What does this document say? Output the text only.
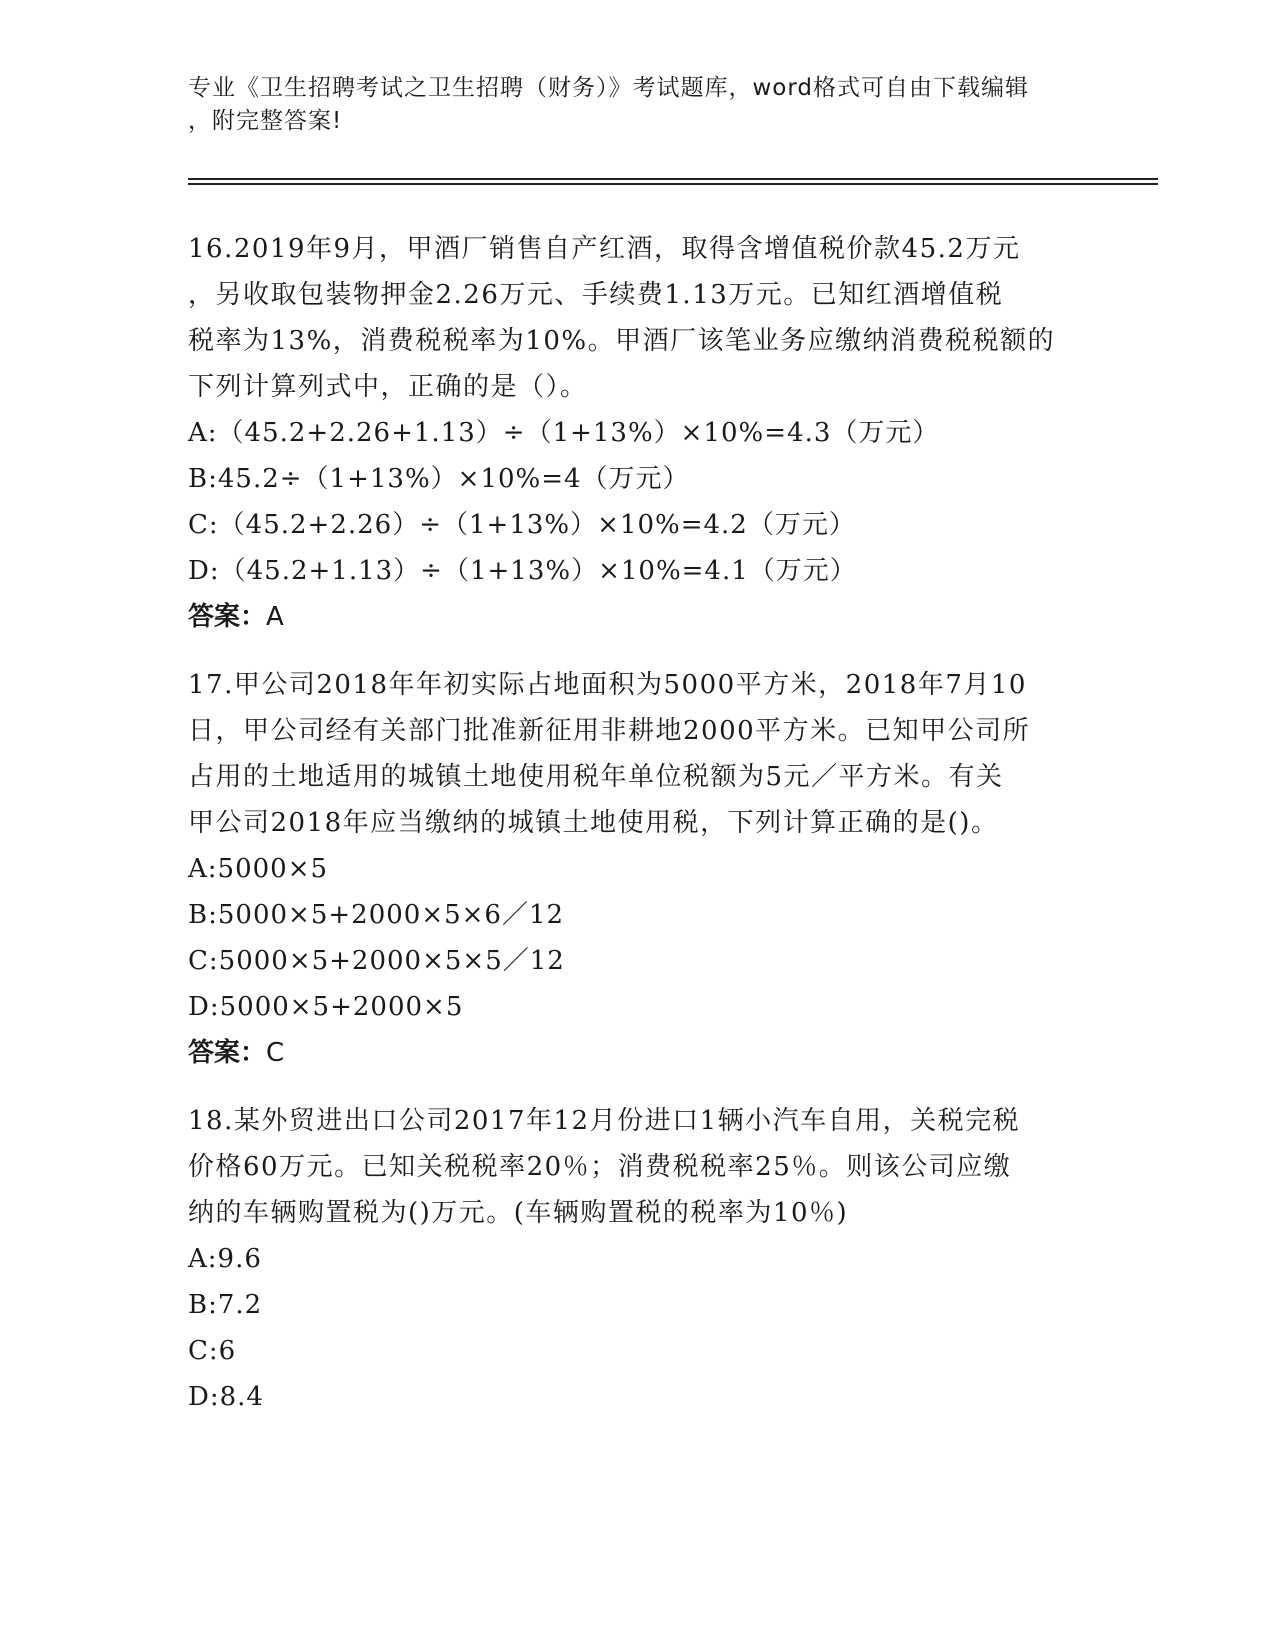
专业《卫生招聘考试之卫生招聘（财务）》考试题库，word格式可自由下载编辑
，附完整答案!
16.2019年9月，甲酒厂销售自产红酒，取得含增值税价款45.2万元
，另收取包装物押金2.26万元、手续费1.13万元。已知红酒增值税
税率为13%，消费税税率为10%。甲酒厂该笔业务应缴纳消费税税额的
下列计算列式中，正确的是（）。
A:（45.2+2.26+1.13）÷（1+13%）×10%=4.3（万元）
B:45.2÷（1+13%）×10%=4（万元）
C:（45.2+2.26）÷（1+13%）×10%=4.2（万元）
D:（45.2+1.13）÷（1+13%）×10%=4.1（万元）
答案：A
17.甲公司2018年年初实际占地面积为5000平方米，2018年7月10
日，甲公司经有关部门批准新征用非耕地2000平方米。已知甲公司所
占用的土地适用的城镇土地使用税年单位税额为5元／平方米。有关
甲公司2018年应当缴纳的城镇土地使用税，下列计算正确的是()。
A:5000×5
B:5000×5+2000×5×6／12
C:5000×5+2000×5×5／12
D:5000×5+2000×5
答案：C
18.某外贸进出口公司2017年12月份进口1辆小汽车自用，关税完税
价格60万元。已知关税税率20％；消费税税率25％。则该公司应缴
纳的车辆购置税为()万元。(车辆购置税的税率为10％)
A:9.6
B:7.2
C:6
D:8.4
